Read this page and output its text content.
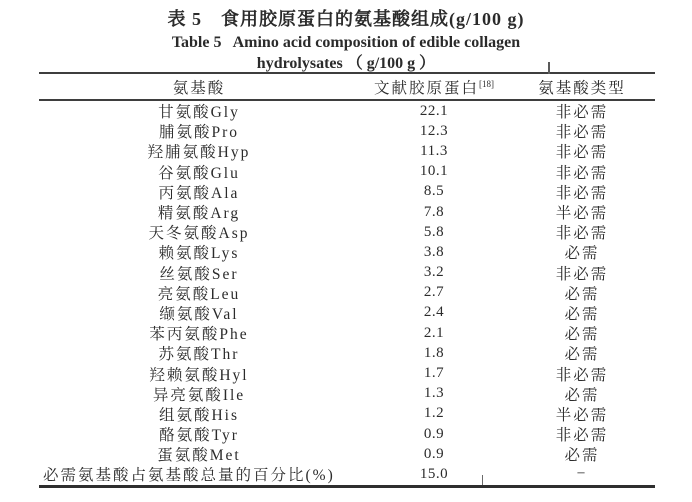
表 5　食用胶原蛋白的氨基酸组成(g/100 g)
Table 5   Amino acid composition of edible collagen
hydrolysates （ g/100 g ）
氨基酸	文献胶原蛋白[18]	氨基酸类型
甘氨酸Gly	22.1	非必需
脯氨酸Pro	12.3	非必需
羟脯氨酸Hyp	11.3	非必需
谷氨酸Glu	10.1	非必需
丙氨酸Ala	8.5	非必需
精氨酸Arg	7.8	半必需
天冬氨酸Asp	5.8	非必需
赖氨酸Lys	3.8	必需
丝氨酸Ser	3.2	非必需
亮氨酸Leu	2.7	必需
缬氨酸Val	2.4	必需
苯丙氨酸Phe	2.1	必需
苏氨酸Thr	1.8	必需
羟赖氨酸Hyl	1.7	非必需
异亮氨酸Ile	1.3	必需
组氨酸His	1.2	半必需
酪氨酸Tyr	0.9	非必需
蛋氨酸Met	0.9	必需
必需氨基酸占氨基酸总量的百分比(%)	15.0	−
